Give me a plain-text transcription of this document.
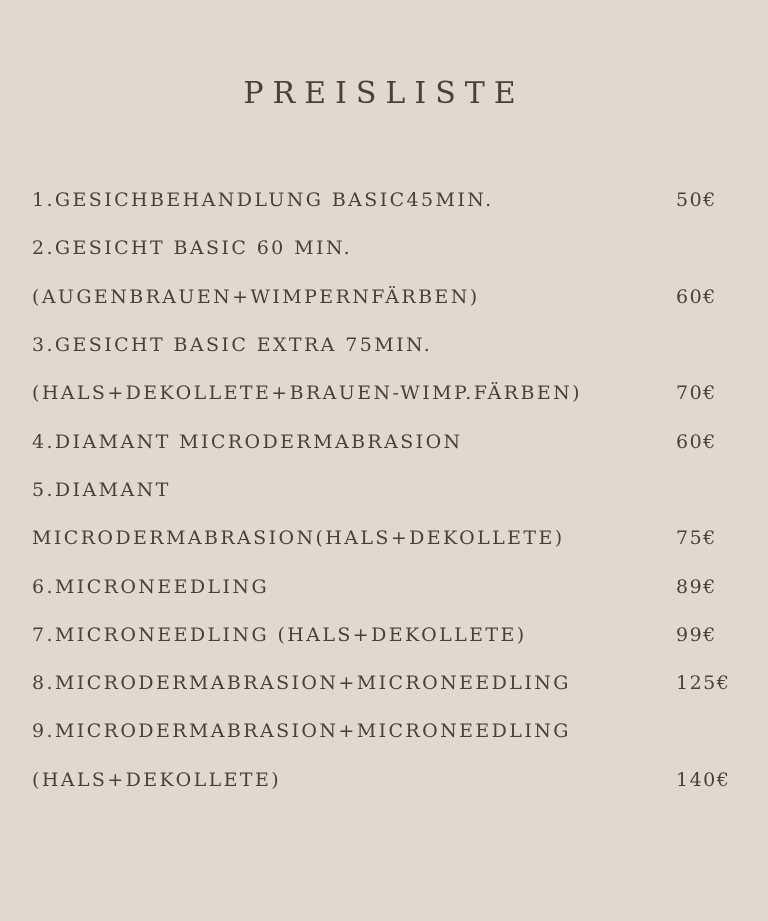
PREISLISTE
1.GESICHBEHANDLUNG BASIC45MIN.	50€
2.GESICHT BASIC 60 MIN.
(AUGENBRAUEN+WIMPERNFÄRBEN)	60€
3.GESICHT BASIC EXTRA 75MIN.
(HALS+DEKOLLETE+BRAUEN-WIMP.FÄRBEN)	70€
4.DIAMANT MICRODERMABRASION	60€
5.DIAMANT
MICRODERMABRASION(HALS+DEKOLLETE)	75€
6.MICRONEEDLING	89€
7.MICRONEEDLING (HALS+DEKOLLETE)	99€
8.MICRODERMABRASION+MICRONEEDLING	125€
9.MICRODERMABRASION+MICRONEEDLING
(HALS+DEKOLLETE)	140€
